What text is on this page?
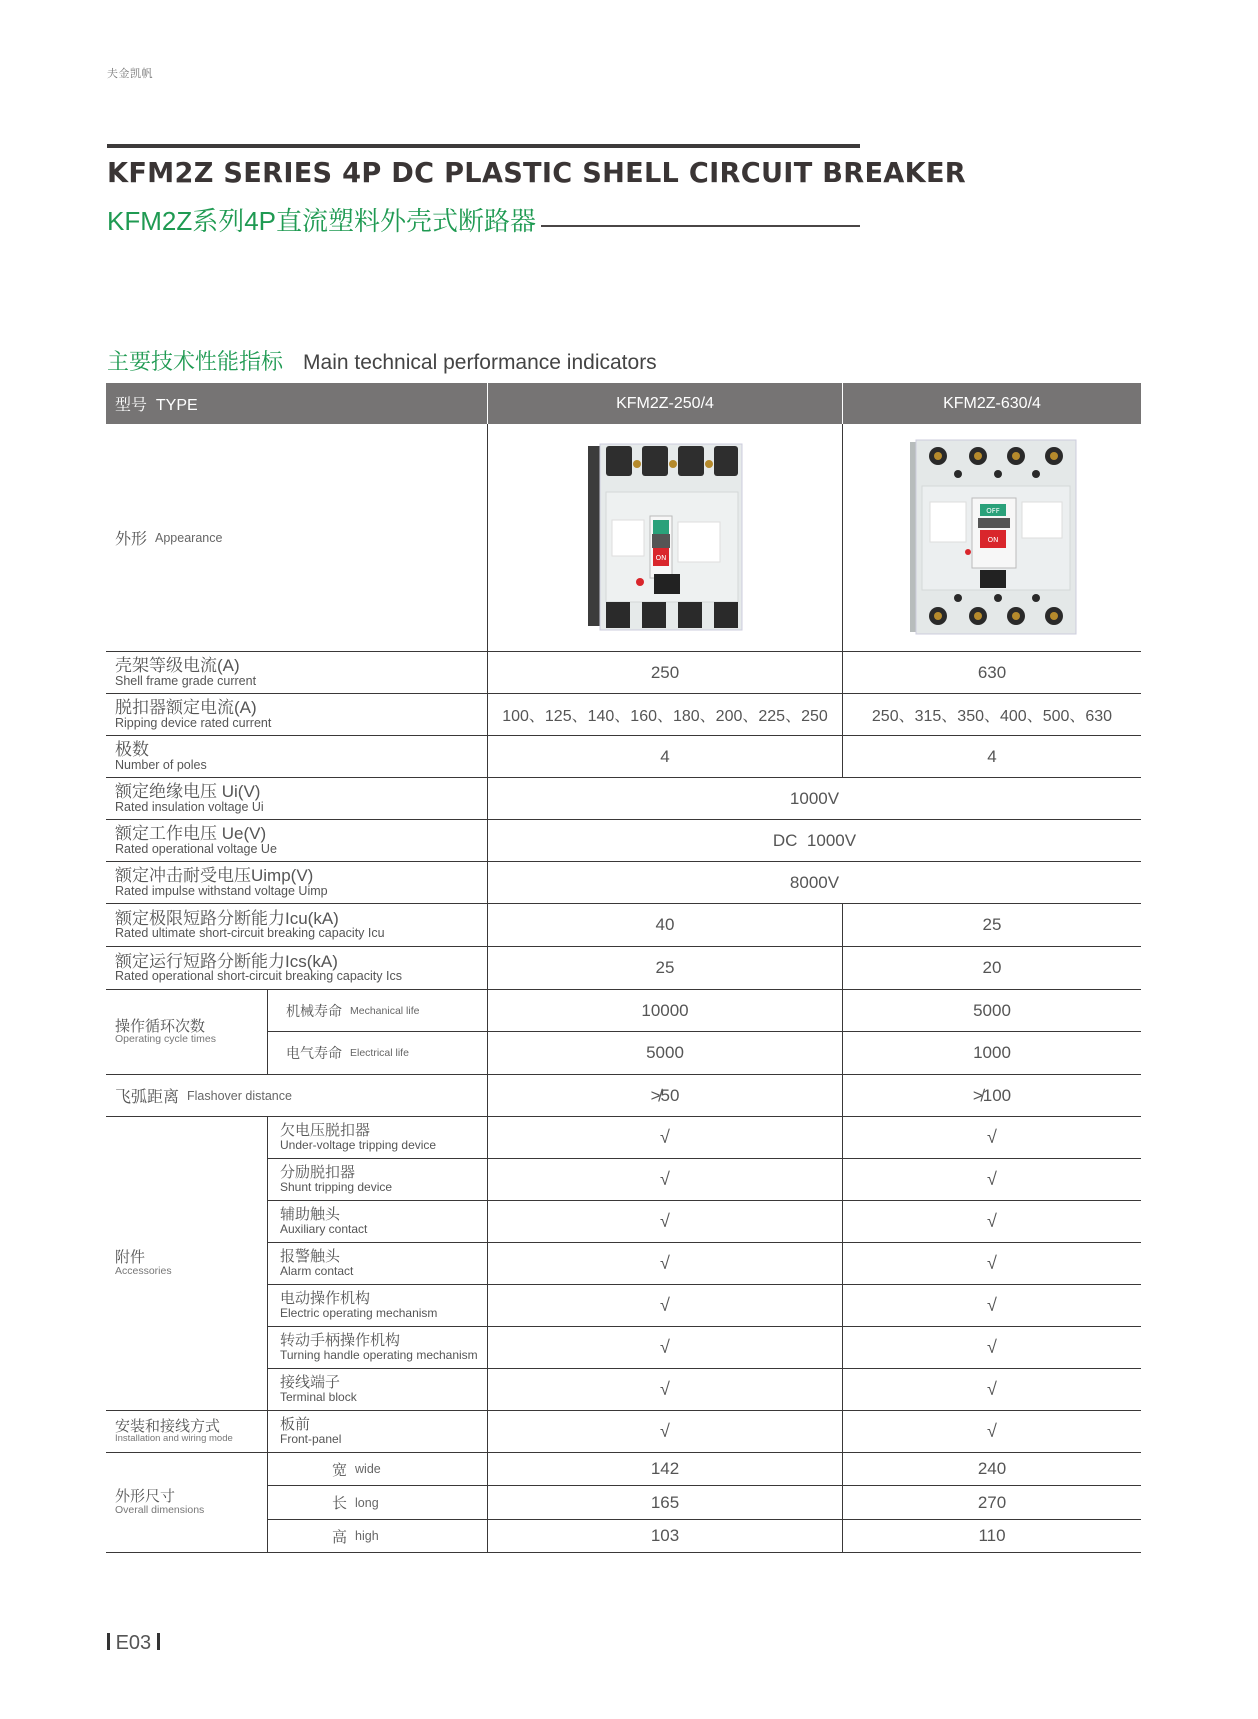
夫金凯帆
KFM2Z SERIES 4P DC PLASTIC SHELL CIRCUIT BREAKER
KFM2Z系列4P直流塑料外壳式断路器
主要技术性能指标 Main technical performance indicators
型号  TYPE	KFM2Z-250/4	KFM2Z-630/4
外形 Appearance
ON
OFF
ON
壳架等级电流(A)
Shell frame grade current	250	630
脱扣器额定电流(A)
Ripping device rated current	100、125、140、160、180、200、225、250	250、315、350、400、500、630
极数
Number of poles	4	4
额定绝缘电压 Ui(V)
Rated insulation voltage Ui	1000V
额定工作电压 Ue(V)
Rated operational voltage Ue	DC  1000V
额定冲击耐受电压Uimp(V)
Rated impulse withstand voltage Uimp	8000V
额定极限短路分断能力Icu(kA)
Rated ultimate short-circuit breaking capacity Icu	40	25
额定运行短路分断能力Ics(kA)
Rated operational short-circuit breaking capacity Ics	25	20
操作循环次数
Operating cycle times
机械寿命 Mechanical life	10000	5000
电气寿命 Electrical life	5000	1000
飞弧距离 Flashover distance	≯50	≯100
附件
Accessories
欠电压脱扣器
Under-voltage tripping device	√	√
分励脱扣器
Shunt tripping device	√	√
辅助触头
Auxiliary contact	√	√
报警触头
Alarm contact	√	√
电动操作机构
Electric operating mechanism	√	√
转动手柄操作机构
Turning handle operating mechanism	√	√
接线端子
Terminal block	√	√
安装和接线方式
Installation and wiring mode
板前
Front-panel	√	√
外形尺寸
Overall dimensions
宽 wide	142	240
长 long	165	270
高 high	103	110
E03
